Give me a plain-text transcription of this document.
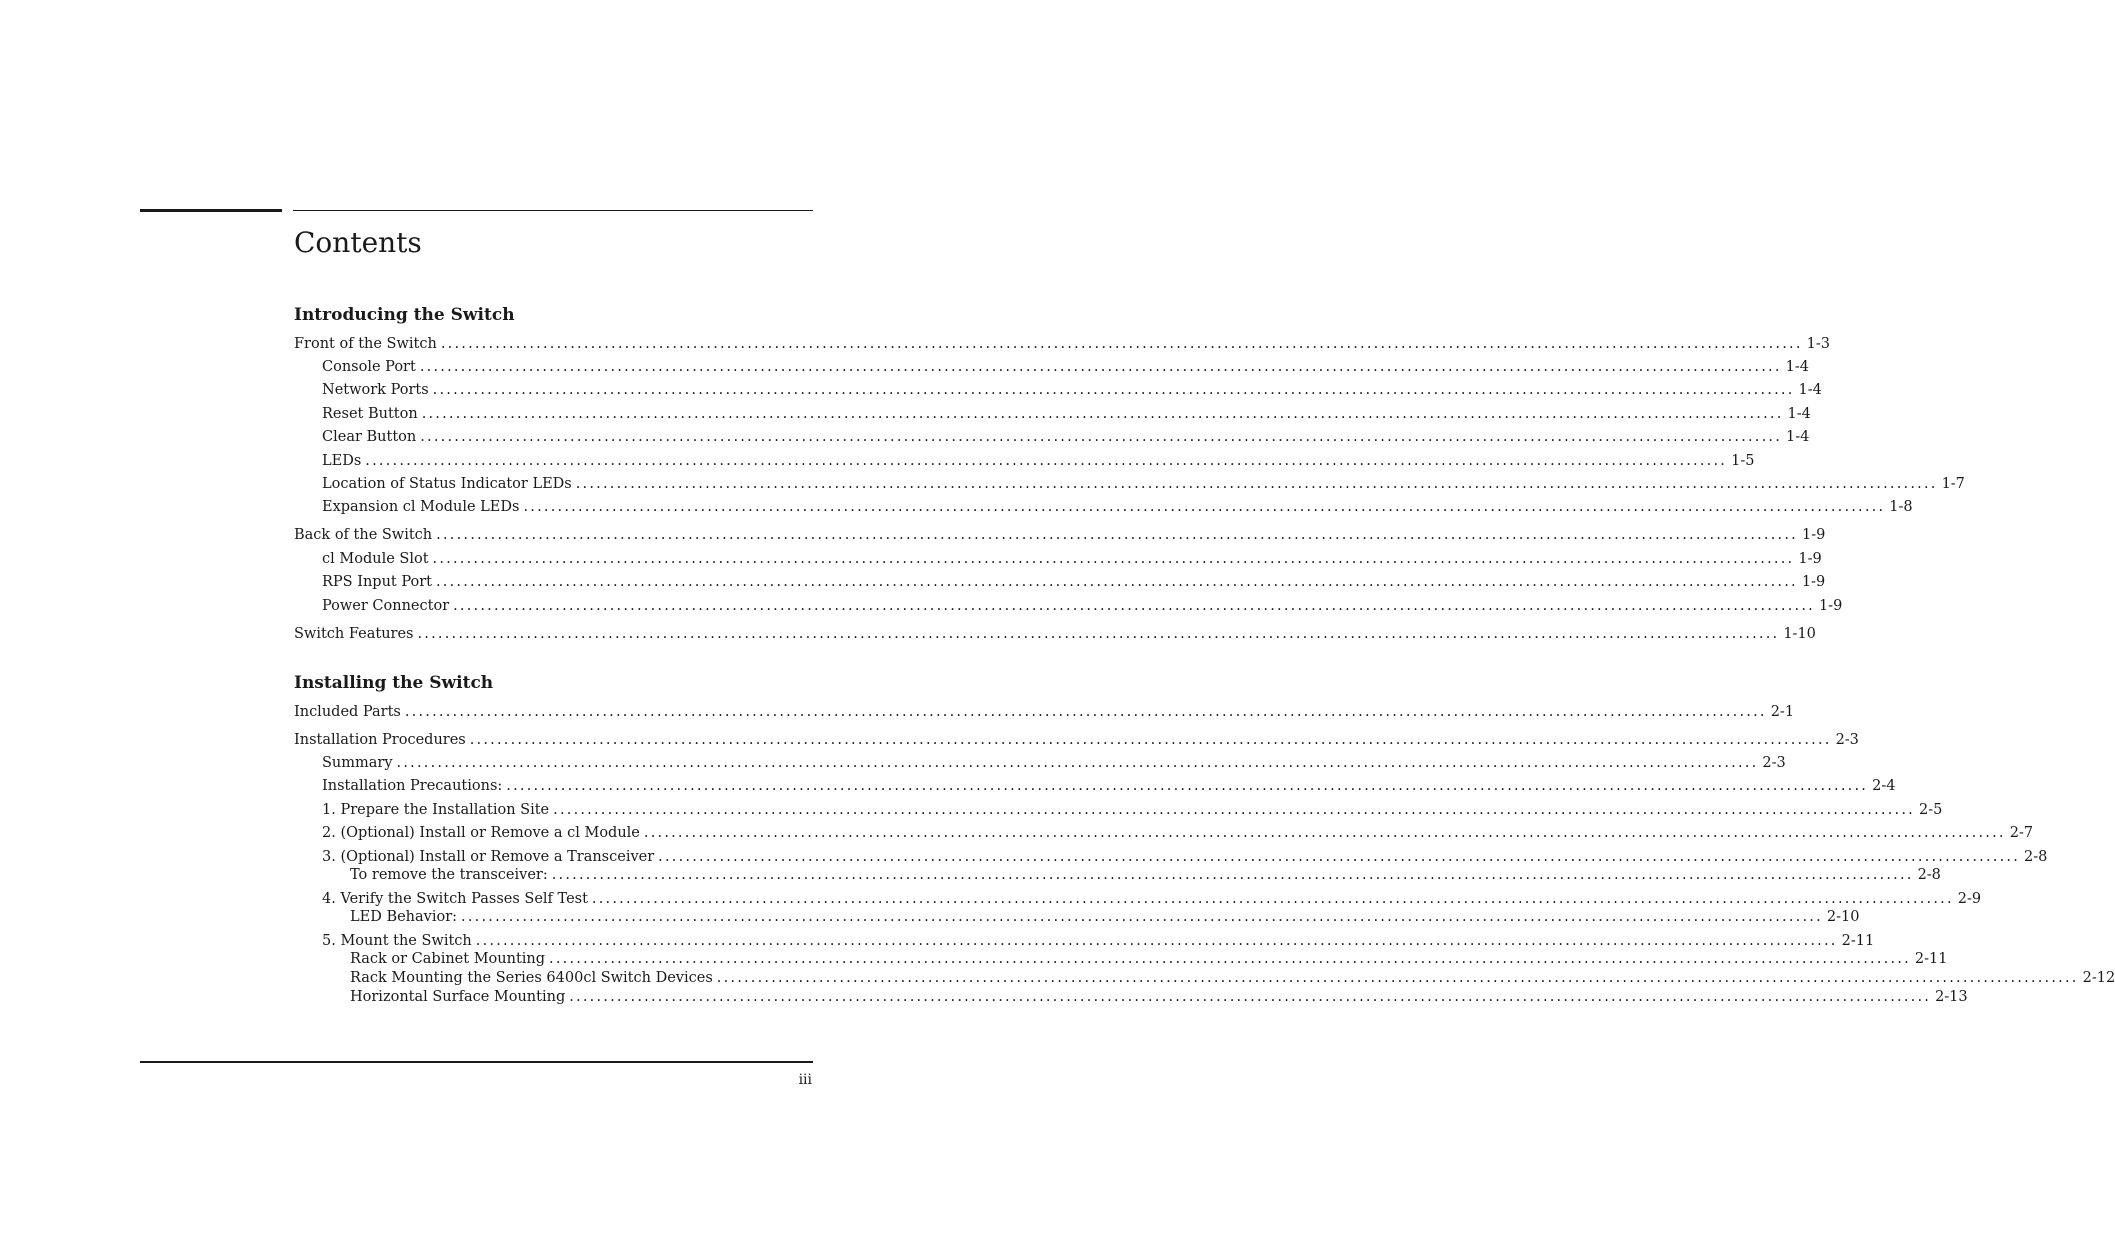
Contents
Introducing the Switch
Front of the Switch ........................................................................................................................................................................................................ 1-3
Console Port ........................................................................................................................................................................................................ 1-4
Network Ports ........................................................................................................................................................................................................ 1-4
Reset Button ........................................................................................................................................................................................................ 1-4
Clear Button ........................................................................................................................................................................................................ 1-4
LEDs ........................................................................................................................................................................................................ 1-5
Location of Status Indicator LEDs ........................................................................................................................................................................................................ 1-7
Expansion cl Module LEDs ........................................................................................................................................................................................................ 1-8
Back of the Switch ........................................................................................................................................................................................................ 1-9
cl Module Slot ........................................................................................................................................................................................................ 1-9
RPS Input Port ........................................................................................................................................................................................................ 1-9
Power Connector ........................................................................................................................................................................................................ 1-9
Switch Features ........................................................................................................................................................................................................ 1-10
Installing the Switch
Included Parts ........................................................................................................................................................................................................ 2-1
Installation Procedures ........................................................................................................................................................................................................ 2-3
Summary ........................................................................................................................................................................................................ 2-3
Installation Precautions: ........................................................................................................................................................................................................ 2-4
1. Prepare the Installation Site ........................................................................................................................................................................................................ 2-5
2. (Optional) Install or Remove a cl Module ........................................................................................................................................................................................................ 2-7
3. (Optional) Install or Remove a Transceiver ........................................................................................................................................................................................................ 2-8
To remove the transceiver: ........................................................................................................................................................................................................ 2-8
4. Verify the Switch Passes Self Test ........................................................................................................................................................................................................ 2-9
LED Behavior: ........................................................................................................................................................................................................ 2-10
5. Mount the Switch ........................................................................................................................................................................................................ 2-11
Rack or Cabinet Mounting ........................................................................................................................................................................................................ 2-11
Rack Mounting the Series 6400cl Switch Devices ........................................................................................................................................................................................................ 2-12
Horizontal Surface Mounting ........................................................................................................................................................................................................ 2-13
iii
